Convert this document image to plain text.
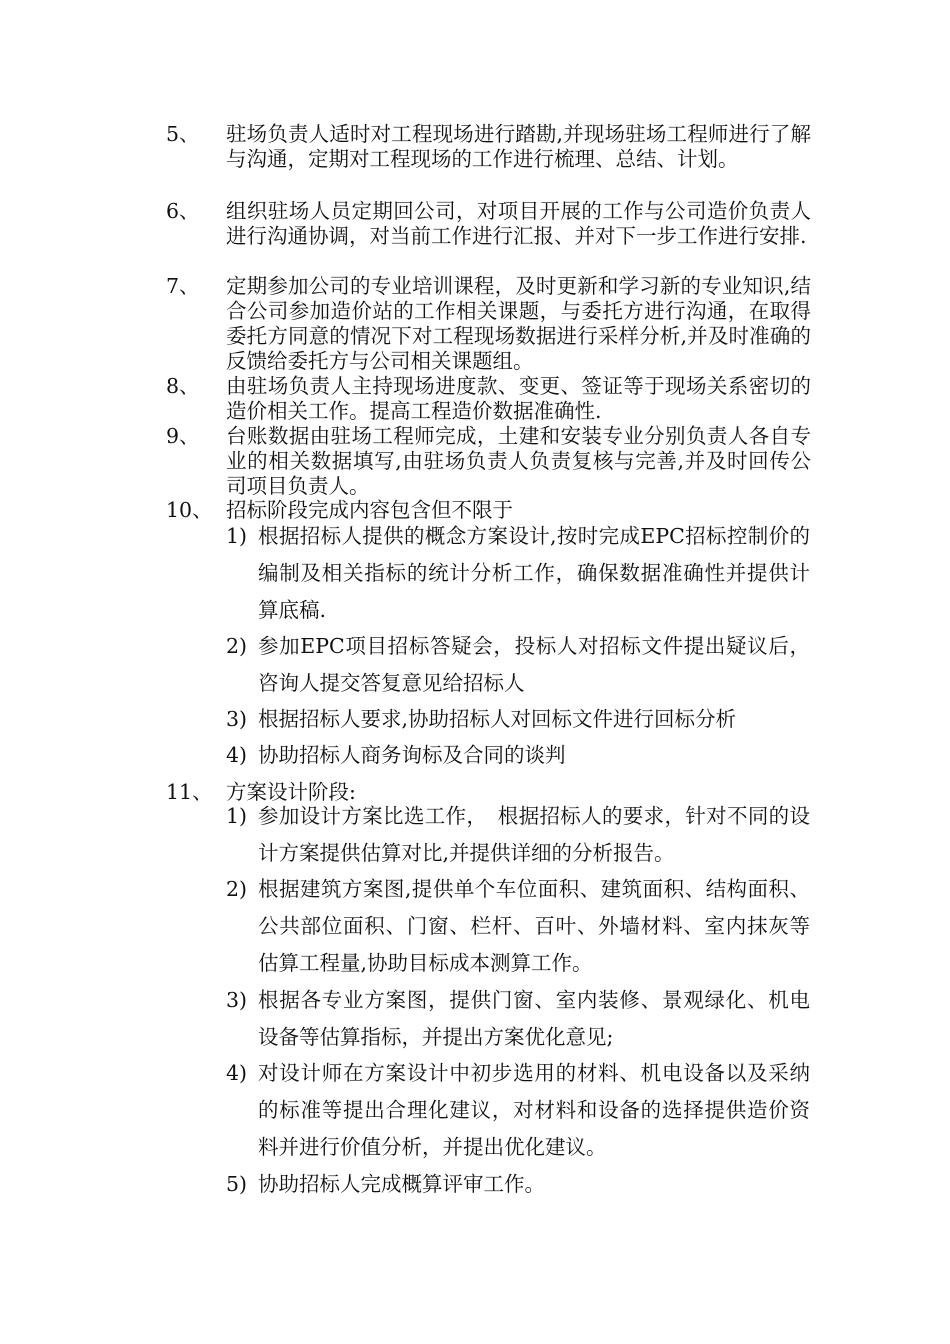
5、	驻场负责人适时对工程现场进行踏勘,并现场驻场工程师进行了解与沟通，定期对工程现场的工作进行梳理、总结、计划。
6、	组织驻场人员定期回公司，对项目开展的工作与公司造价负责人进行沟通协调，对当前工作进行汇报、并对下一步工作进行安排.
7、	定期参加公司的专业培训课程，及时更新和学习新的专业知识,结合公司参加造价站的工作相关课题，与委托方进行沟通，在取得委托方同意的情况下对工程现场数据进行采样分析,并及时准确的反馈给委托方与公司相关课题组。
8、	由驻场负责人主持现场进度款、变更、签证等于现场关系密切的造价相关工作。提高工程造价数据准确性.
9、	台账数据由驻场工程师完成，土建和安装专业分别负责人各自专业的相关数据填写,由驻场负责人负责复核与完善,并及时回传公司项目负责人。
10、 招标阶段完成内容包含但不限于
1) 根据招标人提供的概念方案设计,按时完成EPC招标控制价的编制及相关指标的统计分析工作，确保数据准确性并提供计算底稿.
2) 参加EPC项目招标答疑会，投标人对招标文件提出疑议后，咨询人提交答复意见给招标人
3) 根据招标人要求,协助招标人对回标文件进行回标分析
4) 协助招标人商务询标及合同的谈判
11、 方案设计阶段:
1) 参加设计方案比选工作，　根据招标人的要求，针对不同的设计方案提供估算对比,并提供详细的分析报告。
2) 根据建筑方案图,提供单个车位面积、建筑面积、结构面积、公共部位面积、门窗、栏杆、百叶、外墙材料、室内抹灰等估算工程量,协助目标成本测算工作。
3) 根据各专业方案图，提供门窗、室内装修、景观绿化、机电设备等估算指标，并提出方案优化意见;
4) 对设计师在方案设计中初步选用的材料、机电设备以及采纳的标准等提出合理化建议，对材料和设备的选择提供造价资料并进行价值分析，并提出优化建议。
5) 协助招标人完成概算评审工作。
